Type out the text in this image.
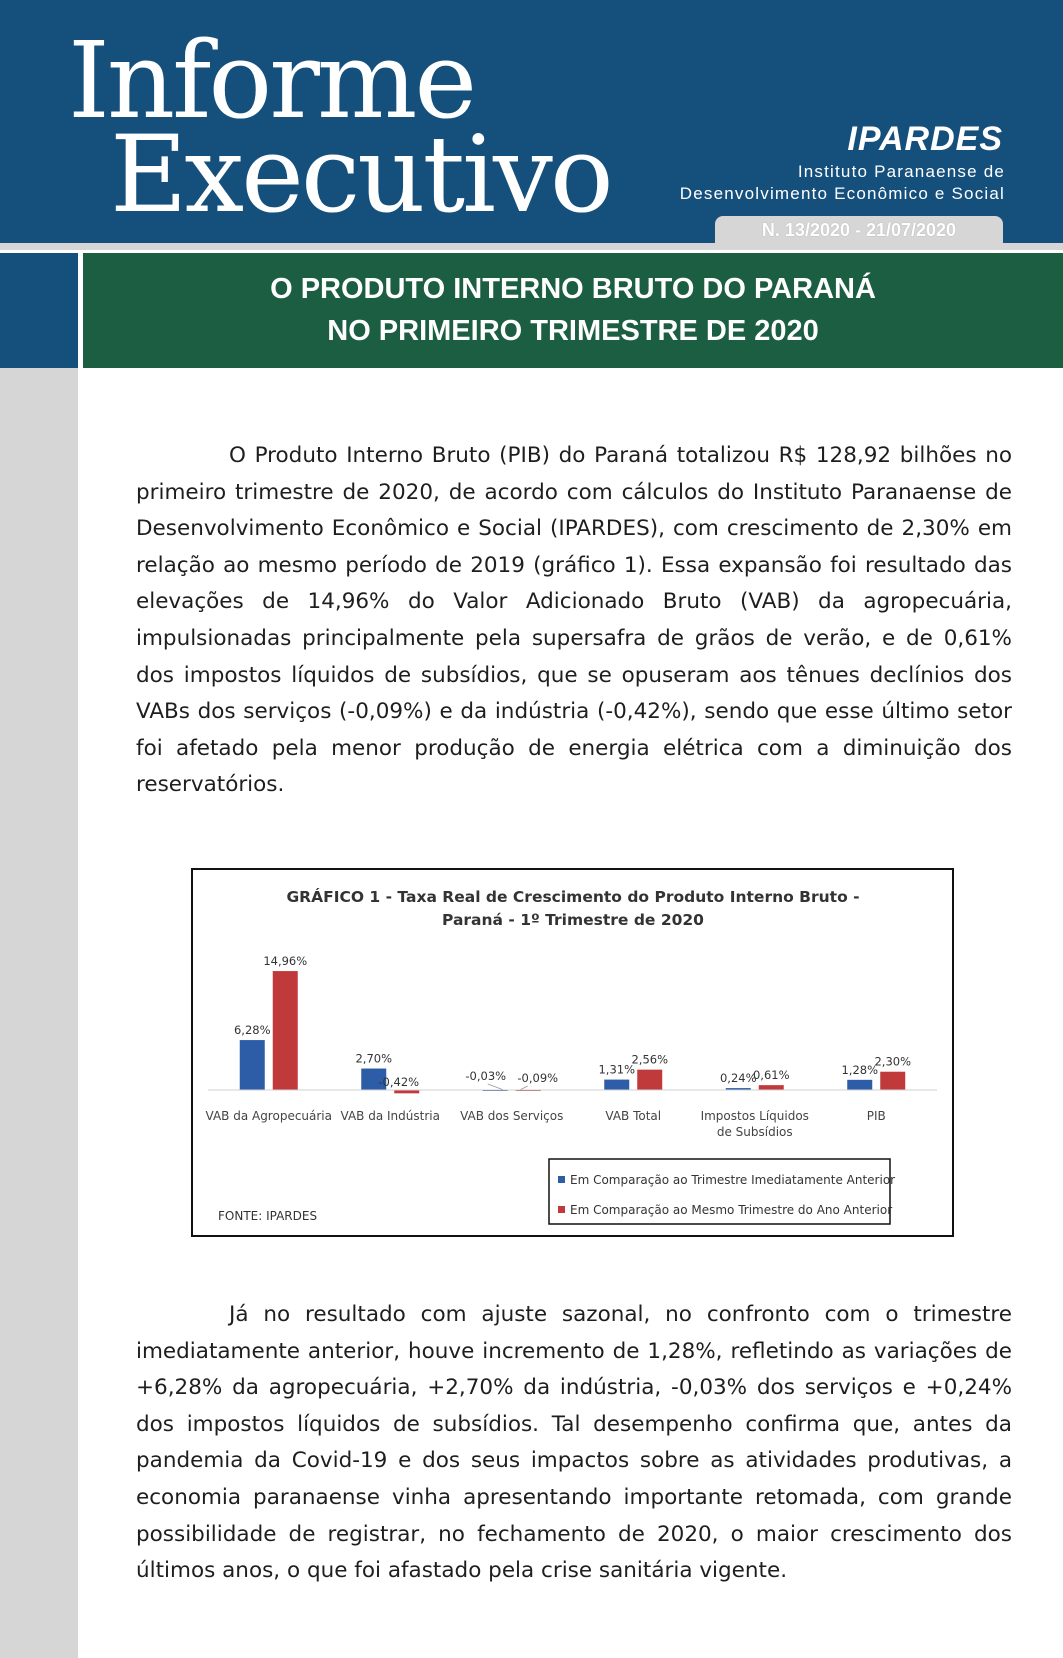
Informe
Executivo	IPARDES
Instituto Paranaense de
Desenvolvimento Econômico e Social
N. 13/2020 - 21/07/2020
O PRODUTO INTERNO BRUTO DO PARANÁ
NO PRIMEIRO TRIMESTRE DE 2020

O Produto Interno Bruto (PIB) do Paraná totalizou R$ 128,92 bilhões no primeiro trimestre de 2020, de acordo com cálculos do Instituto Paranaense de Desenvolvimento Econômico e Social (IPARDES), com crescimento de 2,30% em relação ao mesmo período de 2019 (gráfico 1). Essa expansão foi resultado das elevações de 14,96% do Valor Adicionado Bruto (VAB) da agropecuária, impulsionadas principalmente pela supersafra de grãos de verão, e de 0,61% dos impostos líquidos de subsídios, que se opuseram aos tênues declínios dos VABs dos serviços (-0,09%) e da indústria (-0,42%), sendo que esse último setor foi afetado pela menor produção de energia elétrica com a diminuição dos reservatórios.

GRÁFICO 1 - Taxa Real de Crescimento do Produto Interno Bruto -
Paraná - 1º Trimestre de 2020
6,28%
14,96%
2,70%
-0,42%	-0,03% -0,09%
1,31%
2,56%
0,24%
0,61%	1,28%
2,30%
VAB da Agropecuária VAB da Indústria VAB dos Serviços	VAB Total	Impostos Líquidos
de Subsídios
PIB
FONTE: IPARDES
Em Comparação ao Trimestre Imediatamente Anterior
Em Comparação ao Mesmo Trimestre do Ano Anterior

Já no resultado com ajuste sazonal, no confronto com o trimestre imediatamente anterior, houve incremento de 1,28%, refletindo as variações de +6,28% da agropecuária, +2,70% da indústria, -0,03% dos serviços e +0,24% dos impostos líquidos de subsídios. Tal desempenho confirma que, antes da pandemia da Covid-19 e dos seus impactos sobre as atividades produtivas, a economia paranaense vinha apresentando importante retomada, com grande possibilidade de registrar, no fechamento de 2020, o maior crescimento dos últimos anos, o que foi afastado pela crise sanitária vigente.
